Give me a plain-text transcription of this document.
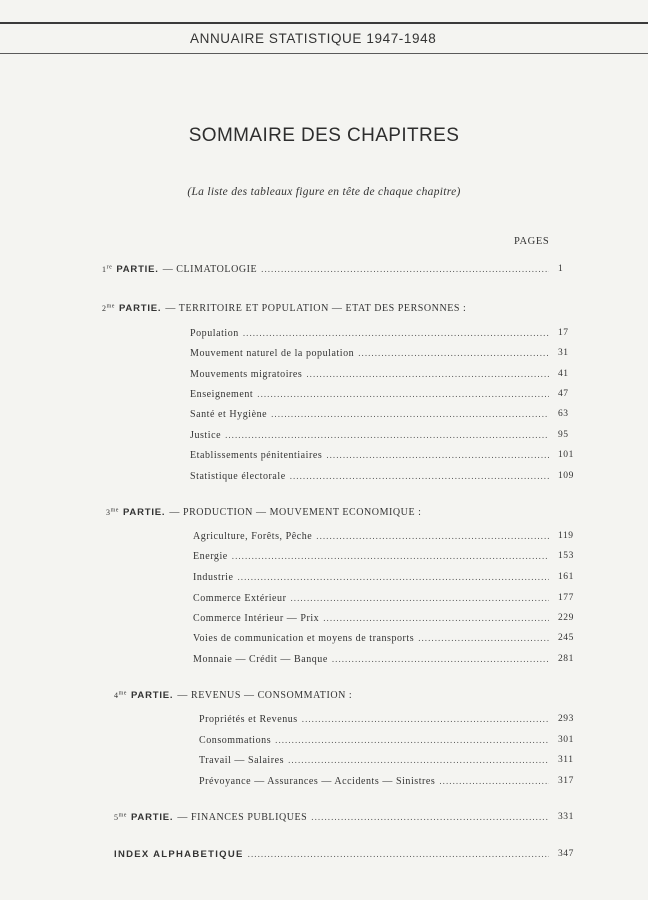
ANNUAIRE STATISTIQUE 1947-1948
SOMMAIRE DES CHAPITRES
(La liste des tableaux figure en tête de chaque chapitre)
PAGES
1re PARTIE. — CLIMATOLOGIE . . .	1
$2^{me}$ PARTIE. — TERRITOIRE ET POPULATION — ETAT DES PERSONNES :
Population . . .	17
Mouvement naturel de la population . . .	31
Mouvements migratoires . . .	41
Enseignement . . .	47
Santé et Hygiène . . .	63
Justice . . .	95
Etablissements pénitentiaires . . .	101
Statistique électorale . . .	109
$3^{me}$ PARTIE. — PRODUCTION — MOUVEMENT ECONOMIQUE :
Agriculture, Forêts, Pêche . . .	119
Energie . . .	153
Industrie . . .	161
Commerce Extérieur . . .	177
Commerce Intérieur — Prix . . .	229
Voies de communication et moyens de transports . . .	245
Monnaie — Crédit — Banque . . .	281
$4^{me}$ PARTIE. — REVENUS — CONSOMMATION :
Propriétés et Revenus . . .	293
Consommations . . .	301
Travail — Salaires . . .	311
Prévoyance — Assurances — Accidents — Sinistres . . .	317
$5^{me}$ PARTIE. — FINANCES PUBLIQUES . . .	331
INDEX ALPHABETIQUE . . .	347
